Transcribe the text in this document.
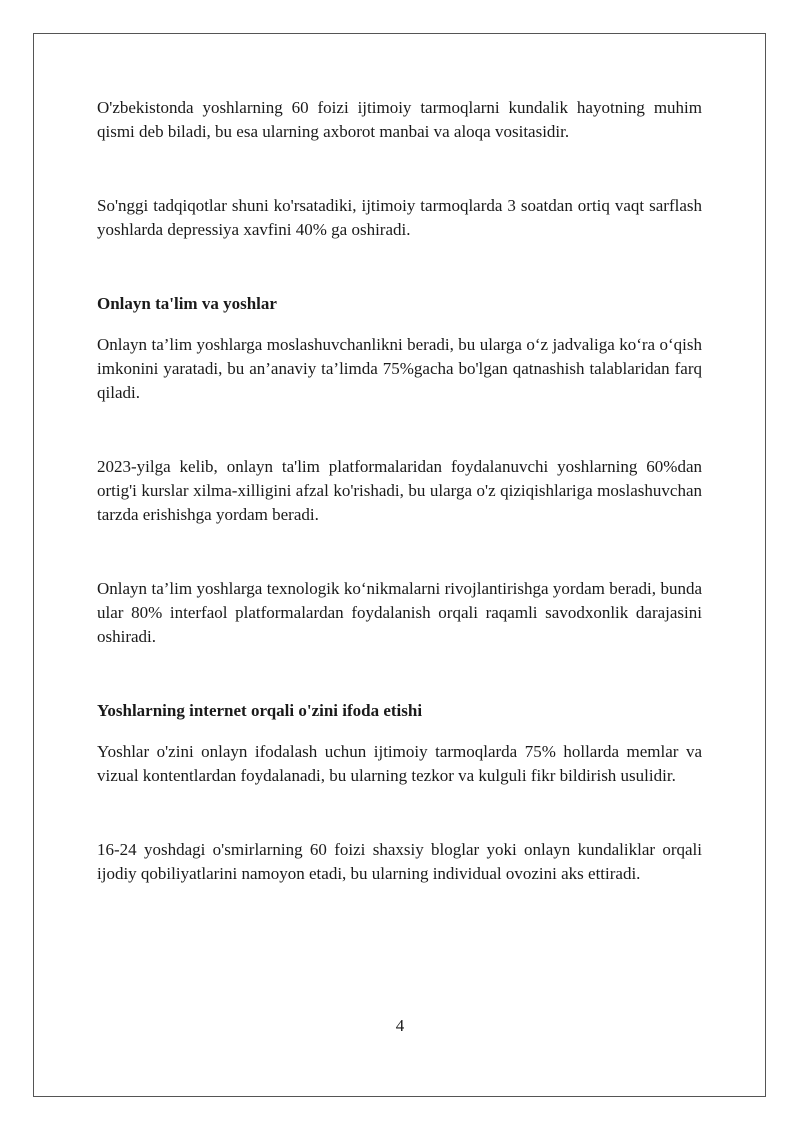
O'zbekistonda yoshlarning 60 foizi ijtimoiy tarmoqlarni kundalik hayotning muhim qismi deb biladi, bu esa ularning axborot manbai va aloqa vositasidir.

So'nggi tadqiqotlar shuni ko'rsatadiki, ijtimoiy tarmoqlarda 3 soatdan ortiq vaqt sarflash yoshlarda depressiya xavfini 40% ga oshiradi.

Onlayn ta'lim va yoshlar

Onlayn ta’lim yoshlarga moslashuvchanlikni beradi, bu ularga o‘z jadvaliga ko‘ra o‘qish imkonini yaratadi, bu an’anaviy ta’limda 75%gacha bo'lgan qatnashish talablaridan farq qiladi.

2023-yilga kelib, onlayn ta'lim platformalaridan foydalanuvchi yoshlarning 60%dan ortig'i kurslar xilma-xilligini afzal ko'rishadi, bu ularga o'z qiziqishlariga moslashuvchan tarzda erishishga yordam beradi.

Onlayn ta’lim yoshlarga texnologik ko‘nikmalarni rivojlantirishga yordam beradi, bunda ular 80% interfaol platformalardan foydalanish orqali raqamli savodxonlik darajasini oshiradi.

Yoshlarning internet orqali o'zini ifoda etishi

Yoshlar o'zini onlayn ifodalash uchun ijtimoiy tarmoqlarda 75% hollarda memlar va vizual kontentlardan foydalanadi, bu ularning tezkor va kulguli fikr bildirish usulidir.

16-24 yoshdagi o'smirlarning 60 foizi shaxsiy bloglar yoki onlayn kundaliklar orqali ijodiy qobiliyatlarini namoyon etadi, bu ularning individual ovozini aks ettiradi.

4
